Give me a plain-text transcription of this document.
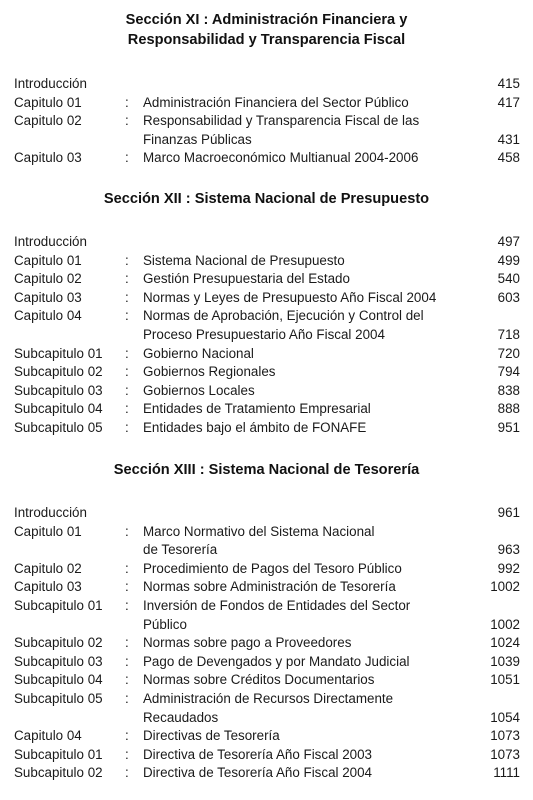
Sección XI : Administración Financiera y
Responsabilidad y Transparencia Fiscal
Introducción	415
Capitulo 01	: Administración Financiera del Sector Público	417
Capitulo 02	: Responsabilidad y Transparencia Fiscal de las
Finanzas Públicas	431
Capitulo 03	: Marco Macroeconómico Multianual 2004-2006	458
Sección XII : Sistema Nacional de Presupuesto
Introducción	497
Capitulo 01	: Sistema Nacional de Presupuesto	499
Capitulo 02	: Gestión Presupuestaria del Estado	540
Capitulo 03	: Normas y Leyes de Presupuesto Año Fiscal 2004	603
Capitulo 04	: Normas de Aprobación, Ejecución y Control del
Proceso Presupuestario Año Fiscal 2004	718
Subcapitulo 01 : Gobierno Nacional	720
Subcapitulo 02 : Gobiernos Regionales	794
Subcapitulo 03 : Gobiernos Locales	838
Subcapitulo 04 : Entidades de Tratamiento Empresarial	888
Subcapitulo 05 : Entidades bajo el ámbito de FONAFE	951
Sección XIII : Sistema Nacional de Tesorería
Introducción	961
Capitulo 01	: Marco Normativo del Sistema Nacional
de Tesorería	963
Capitulo 02	: Procedimiento de Pagos del Tesoro Público	992
Capitulo 03	: Normas sobre Administración de Tesorería	1002
Subcapitulo 01 : Inversión de Fondos de Entidades del Sector
Público	1002
Subcapitulo 02 : Normas sobre pago a Proveedores	1024
Subcapitulo 03 : Pago de Devengados y por Mandato Judicial	1039
Subcapitulo 04 : Normas sobre Créditos Documentarios	1051
Subcapitulo 05 : Administración de Recursos Directamente
Recaudados	1054
Capitulo 04	: Directivas de Tesorería	1073
Subcapitulo 01 : Directiva de Tesorería Año Fiscal 2003	1073
Subcapitulo 02 : Directiva de Tesorería Año Fiscal 2004	1111
